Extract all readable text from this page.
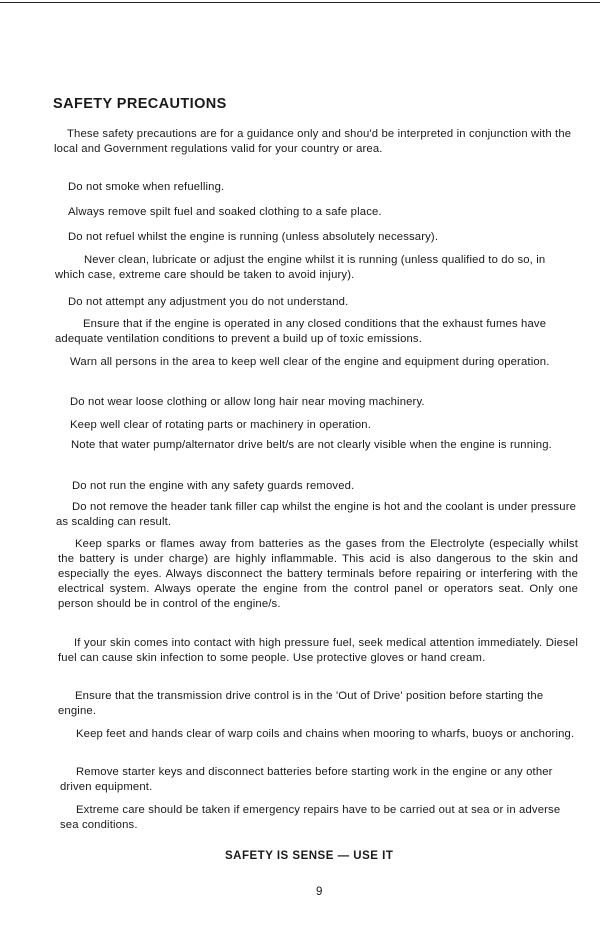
SAFETY PRECAUTIONS

These safety precautions are for a guidance only and shou'd be interpreted in conjunction with the local and Government regulations valid for your country or area.

Do not smoke when refuelling.

Always remove spilt fuel and soaked clothing to a safe place.

Do not refuel whilst the engine is running (unless absolutely necessary).

Never clean, lubricate or adjust the engine whilst it is running (unless qualified to do so, in which case, extreme care should be taken to avoid injury).

Do not attempt any adjustment you do not understand.

Ensure that if the engine is operated in any closed conditions that the exhaust fumes have adequate ventilation conditions to prevent a build up of toxic emissions.

Warn all persons in the area to keep well clear of the engine and equipment during operation.

Do not wear loose clothing or allow long hair near moving machinery.

Keep well clear of rotating parts or machinery in operation.

Note that water pump/alternator drive belt/s are not clearly visible when the engine is running.

Do not run the engine with any safety guards removed.

Do not remove the header tank filler cap whilst the engine is hot and the coolant is under pressure as scalding can result.

Keep sparks or flames away from batteries as the gases from the Electrolyte (especially whilst the battery is under charge) are highly inflammable. This acid is also dangerous to the skin and especially the eyes. Always disconnect the battery terminals before repairing or interfering with the electrical system. Always operate the engine from the control panel or operators seat. Only one person should be in control of the engine/s.

If your skin comes into contact with high pressure fuel, seek medical attention immediately. Diesel fuel can cause skin infection to some people. Use protective gloves or hand cream.

Ensure that the transmission drive control is in the 'Out of Drive' position before starting the engine.

Keep feet and hands clear of warp coils and chains when mooring to wharfs, buoys or anchoring.

Remove starter keys and disconnect batteries before starting work in the engine or any other driven equipment.

Extreme care should be taken if emergency repairs have to be carried out at sea or in adverse sea conditions.

SAFETY IS SENSE — USE IT
9
